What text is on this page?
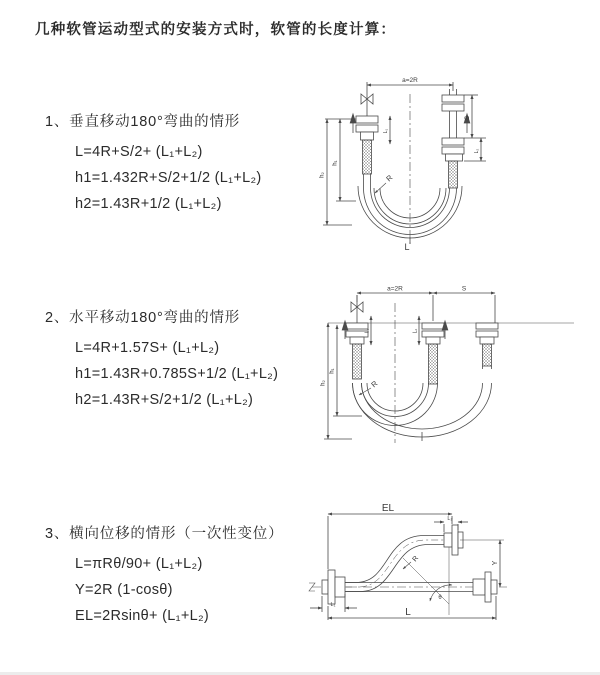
几种软管运动型式的安装方式时，软管的长度计算：
1、垂直移动180°弯曲的情形
L=4R+S/2+ (L₁+L₂)
h1=1.432R+S/2+1/2 (L₁+L₂)
h2=1.43R+1/2 (L₁+L₂)
2、水平移动180°弯曲的情形
L=4R+1.57S+ (L₁+L₂)
h1=1.43R+0.785S+1/2 (L₁+L₂)
h2=1.43R+S/2+1/2 (L₁+L₂)
3、横向位移的情形（一次性变位）
L=πRθ/90+ (L₁+L₂)
Y=2R (1-cosθ)
EL=2Rsinθ+ (L₁+L₂)
a=2R
h₁
h₂
S
L₂
L₁
R
L
a=2R	S
h₁
h₂
L₁	L₂
R
EL
L₂
Y
L
L₁
R
θ
